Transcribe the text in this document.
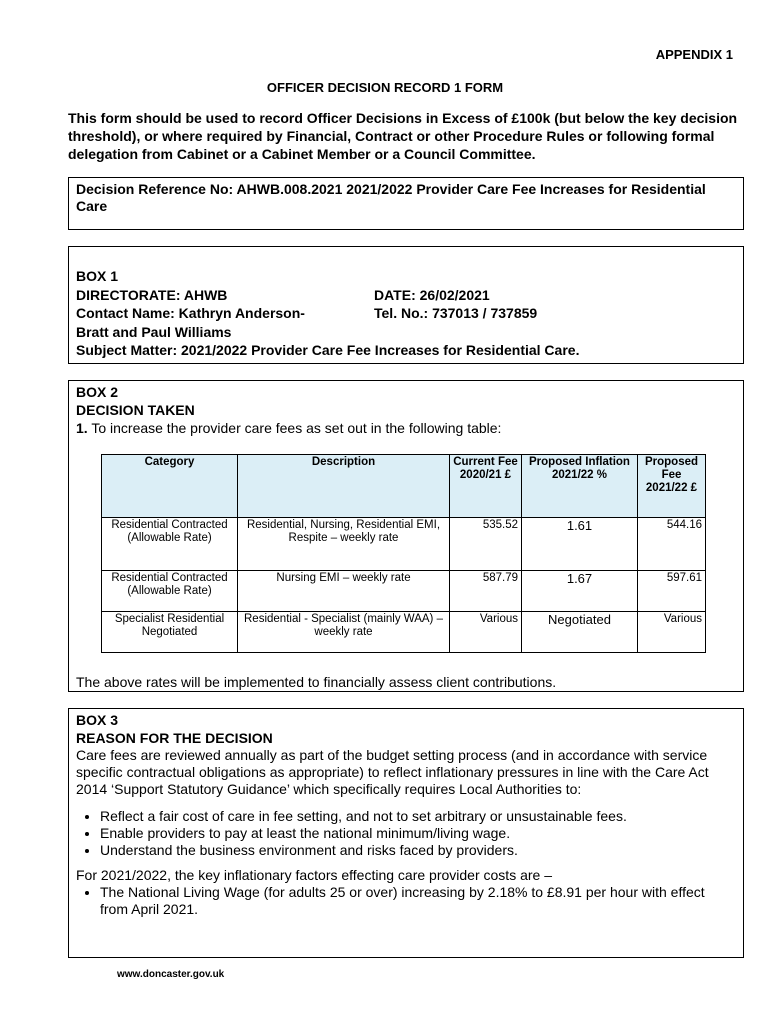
APPENDIX 1
OFFICER DECISION RECORD 1 FORM
This form should be used to record Officer Decisions in Excess of £100k (but below the key decision threshold), or where required by Financial, Contract or other Procedure Rules or following formal delegation from Cabinet or a Cabinet Member or a Council Committee.
Decision Reference No: AHWB.008.2021 2021/2022 Provider Care Fee Increases for Residential Care
BOX 1
DIRECTORATE: AHWB	DATE: 26/02/2021
Contact Name: Kathryn Anderson-	Tel. No.: 737013 / 737859
Bratt and Paul Williams
Subject Matter: 2021/2022 Provider Care Fee Increases for Residential Care.
BOX 2
DECISION TAKEN
1. To increase the provider care fees as set out in the following table:
Category	Description	Current Fee 2020/21 £	Proposed Inflation 2021/22 %	Proposed Fee 2021/22 £
Residential Contracted (Allowable Rate)	Residential, Nursing, Residential EMI, Respite – weekly rate	535.52	1.61	544.16
Residential Contracted (Allowable Rate)	Nursing EMI – weekly rate	587.79	1.67	597.61
Specialist Residential Negotiated	Residential - Specialist (mainly WAA) – weekly rate	Various	Negotiated	Various
The above rates will be implemented to financially assess client contributions.
BOX 3
REASON FOR THE DECISION

Care fees are reviewed annually as part of the budget setting process (and in accordance with service specific contractual obligations as appropriate) to reflect inflationary pressures in line with the Care Act 2014 ‘Support Statutory Guidance’ which specifically requires Local Authorities to:

• Reflect a fair cost of care in fee setting, and not to set arbitrary or unsustainable fees.
• Enable providers to pay at least the national minimum/living wage.
• Understand the business environment and risks faced by providers.

For 2021/2022, the key inflationary factors effecting care provider costs are –

• The National Living Wage (for adults 25 or over) increasing by 2.18% to £8.91 per hour with effect from April 2021.
www.doncaster.gov.uk
